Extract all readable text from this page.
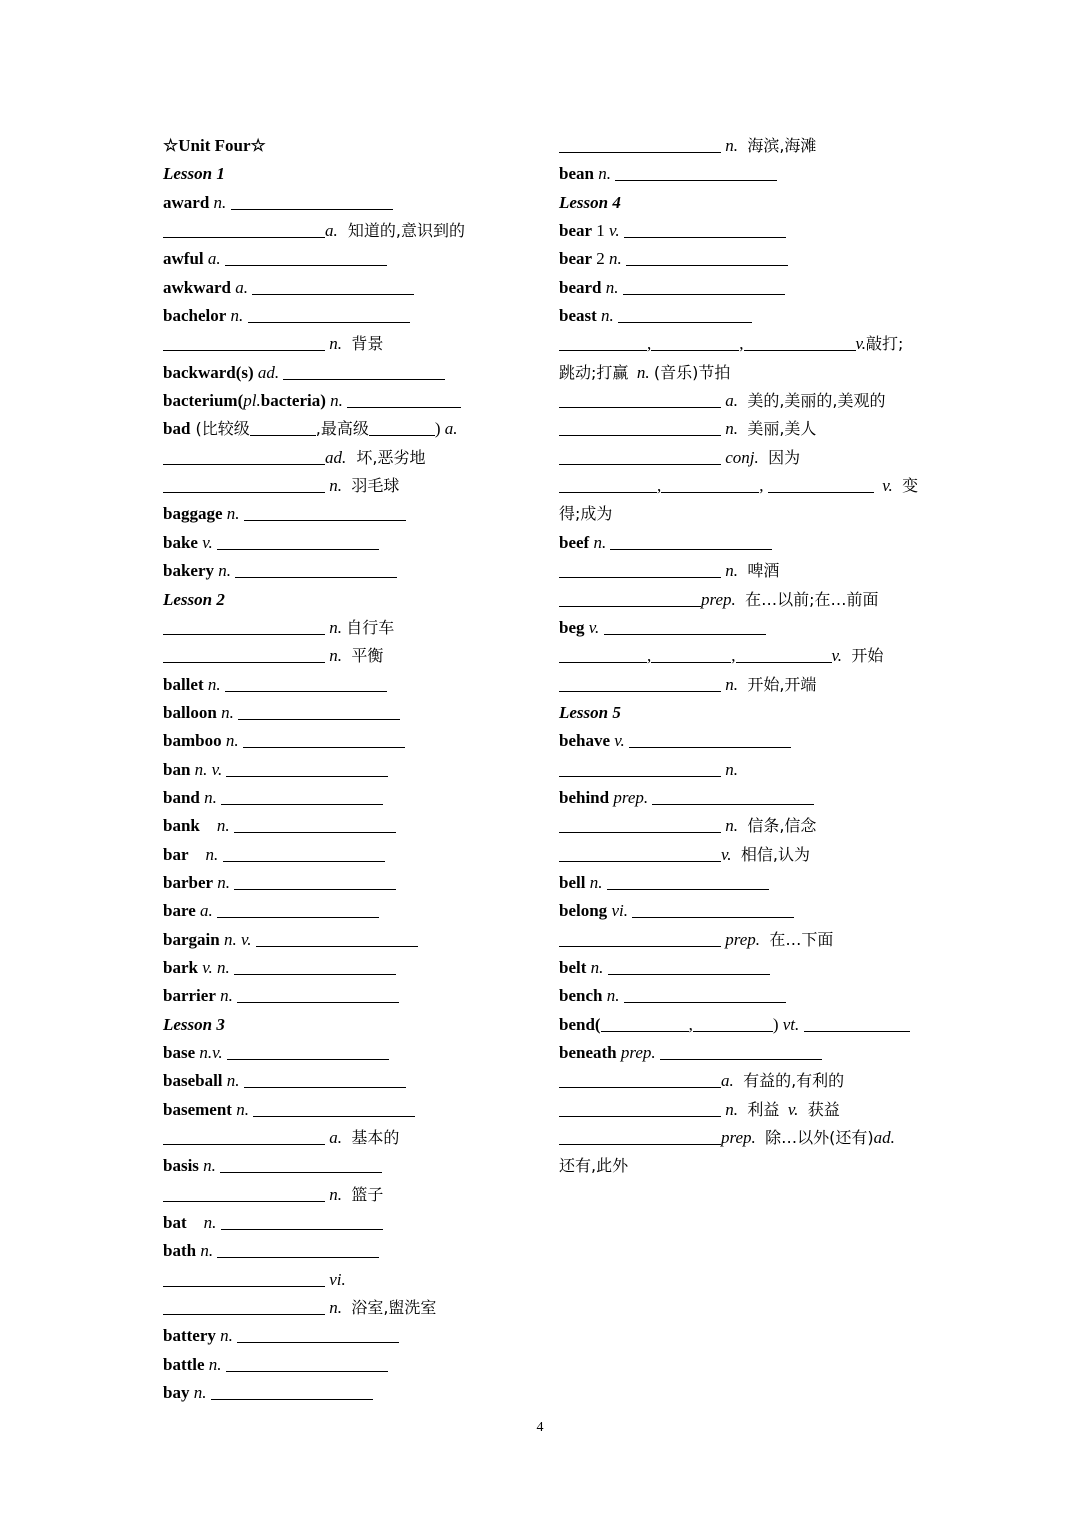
☆Unit Four☆
Lesson 1
award n.
a.  知道的,意识到的
awful a.
awkward a.
bachelor n.
n.  背景
backward(s) ad.
bacterium(pl.bacteria) n.
bad (比较级	,最高级	) a.
ad.  坏,恶劣地
n.  羽毛球
baggage n.
bake v.
bakery n.
Lesson 2
n. 自行车
n.  平衡
ballet n.
balloon n.
bamboo n.
ban n. v.
band n.
bank    n.
bar    n.
barber n.
bare a.
bargain n. v.
bark v. n.
barrier n.
Lesson 3
base n.v.
baseball n.
basement n.
a.  基本的
basis n.
n.  篮子
bat    n.
bath n.
vi.
n.  浴室,盥洗室
battery n.
battle n.
bay n.
n.  海滨,海滩
bean n.
Lesson 4
bear 1 v.
bear 2 n.
beard n.
beast n.
,	,	v.敲打;
跳动;打赢  n. (音乐)节拍
a.  美的,美丽的,美观的
n.  美丽,美人
conj.  因为
,	,	v.  变
得;成为
beef n.
n.  啤酒
prep.  在…以前;在…前面
beg v.
,	,	v.  开始
n.  开始,开端
Lesson 5
behave v.
n.
behind prep.
n.  信条,信念
v.  相信,认为
bell n.
belong vi.
prep.  在…下面
belt n.
bench n.
bend(	,	) vt.
beneath prep.
a.  有益的,有利的
n.  利益  v.  获益
prep.  除…以外(还有)ad.
还有,此外
4
